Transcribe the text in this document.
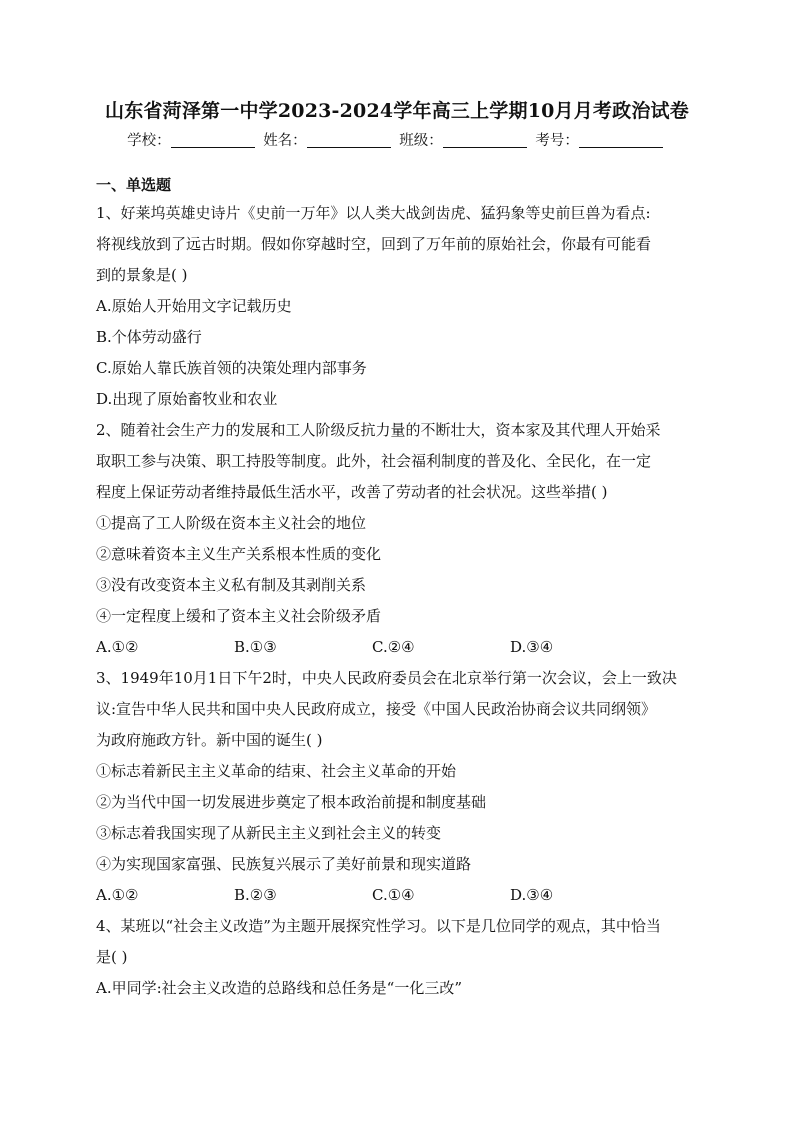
山东省菏泽第一中学2023-2024学年高三上学期10月月考政治试卷
学校：	姓名：	班级：	考号：
一、单选题

1、好莱坞英雄史诗片《史前一万年》以人类大战剑齿虎、猛犸象等史前巨兽为看点:

将视线放到了远古时期。假如你穿越时空，回到了万年前的原始社会，你最有可能看

到的景象是( )

A.原始人开始用文字记载历史

B.个体劳动盛行

C.原始人靠氏族首领的决策处理内部事务

D.出现了原始畜牧业和农业

2、随着社会生产力的发展和工人阶级反抗力量的不断壮大，资本家及其代理人开始采

取职工参与决策、职工持股等制度。此外，社会福利制度的普及化、全民化，在一定

程度上保证劳动者维持最低生活水平，改善了劳动者的社会状况。这些举措( )

①提高了工人阶级在资本主义社会的地位

②意味着资本主义生产关系根本性质的变化

③没有改变资本主义私有制及其剥削关系

④一定程度上缓和了资本主义社会阶级矛盾

A.①②	B.①③	C.②④	D.③④

3、1949年10月1日下午2时，中央人民政府委员会在北京举行第一次会议，会上一致决

议:宣告中华人民共和国中央人民政府成立，接受《中国人民政治协商会议共同纲领》

为政府施政方针。新中国的诞生( )

①标志着新民主主义革命的结束、社会主义革命的开始

②为当代中国一切发展进步奠定了根本政治前提和制度基础

③标志着我国实现了从新民主主义到社会主义的转变

④为实现国家富强、民族复兴展示了美好前景和现实道路

A.①②	B.②③	C.①④	D.③④

4、某班以“社会主义改造”为主题开展探究性学习。以下是几位同学的观点，其中恰当

是( )

A.甲同学:社会主义改造的总路线和总任务是“一化三改”
